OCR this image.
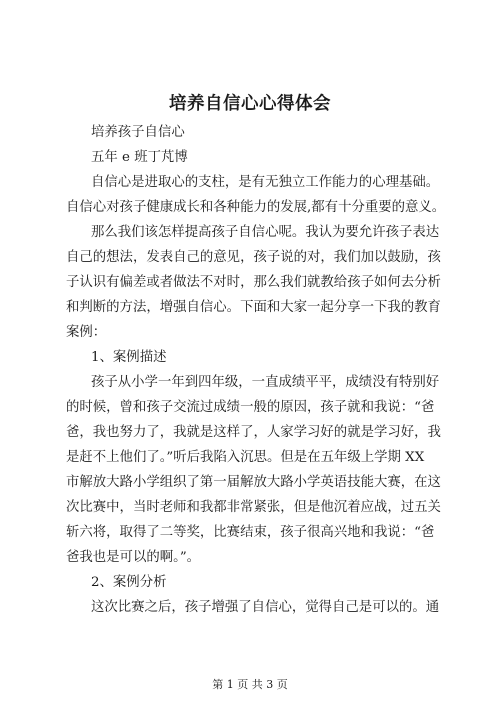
培养自信心心得体会
培养孩子自信心
五年 e 班丁芃博
自信心是进取心的支柱，是有无独立工作能力的心理基础。
自信心对孩子健康成长和各种能力的发展,都有十分重要的意义。
那么我们该怎样提高孩子自信心呢。我认为要允许孩子表达
自己的想法，发表自己的意见，孩子说的对，我们加以鼓励，孩
子认识有偏差或者做法不对时，那么我们就教给孩子如何去分析
和判断的方法，增强自信心。下面和大家一起分享一下我的教育
案例：
1、案例描述
孩子从小学一年到四年级，一直成绩平平，成绩没有特别好
的时候，曾和孩子交流过成绩一般的原因，孩子就和我说：“爸
爸，我也努力了，我就是这样了，人家学习好的就是学习好，我
是赶不上他们了。”听后我陷入沉思。但是在五年级上学期 XX
市解放大路小学组织了第一届解放大路小学英语技能大赛，在这
次比赛中，当时老师和我都非常紧张，但是他沉着应战，过五关
斩六将，取得了二等奖，比赛结束，孩子很高兴地和我说：“爸
爸我也是可以的啊。”。
2、案例分析
这次比赛之后，孩子增强了自信心，觉得自己是可以的。通
第 1 页 共 3 页
